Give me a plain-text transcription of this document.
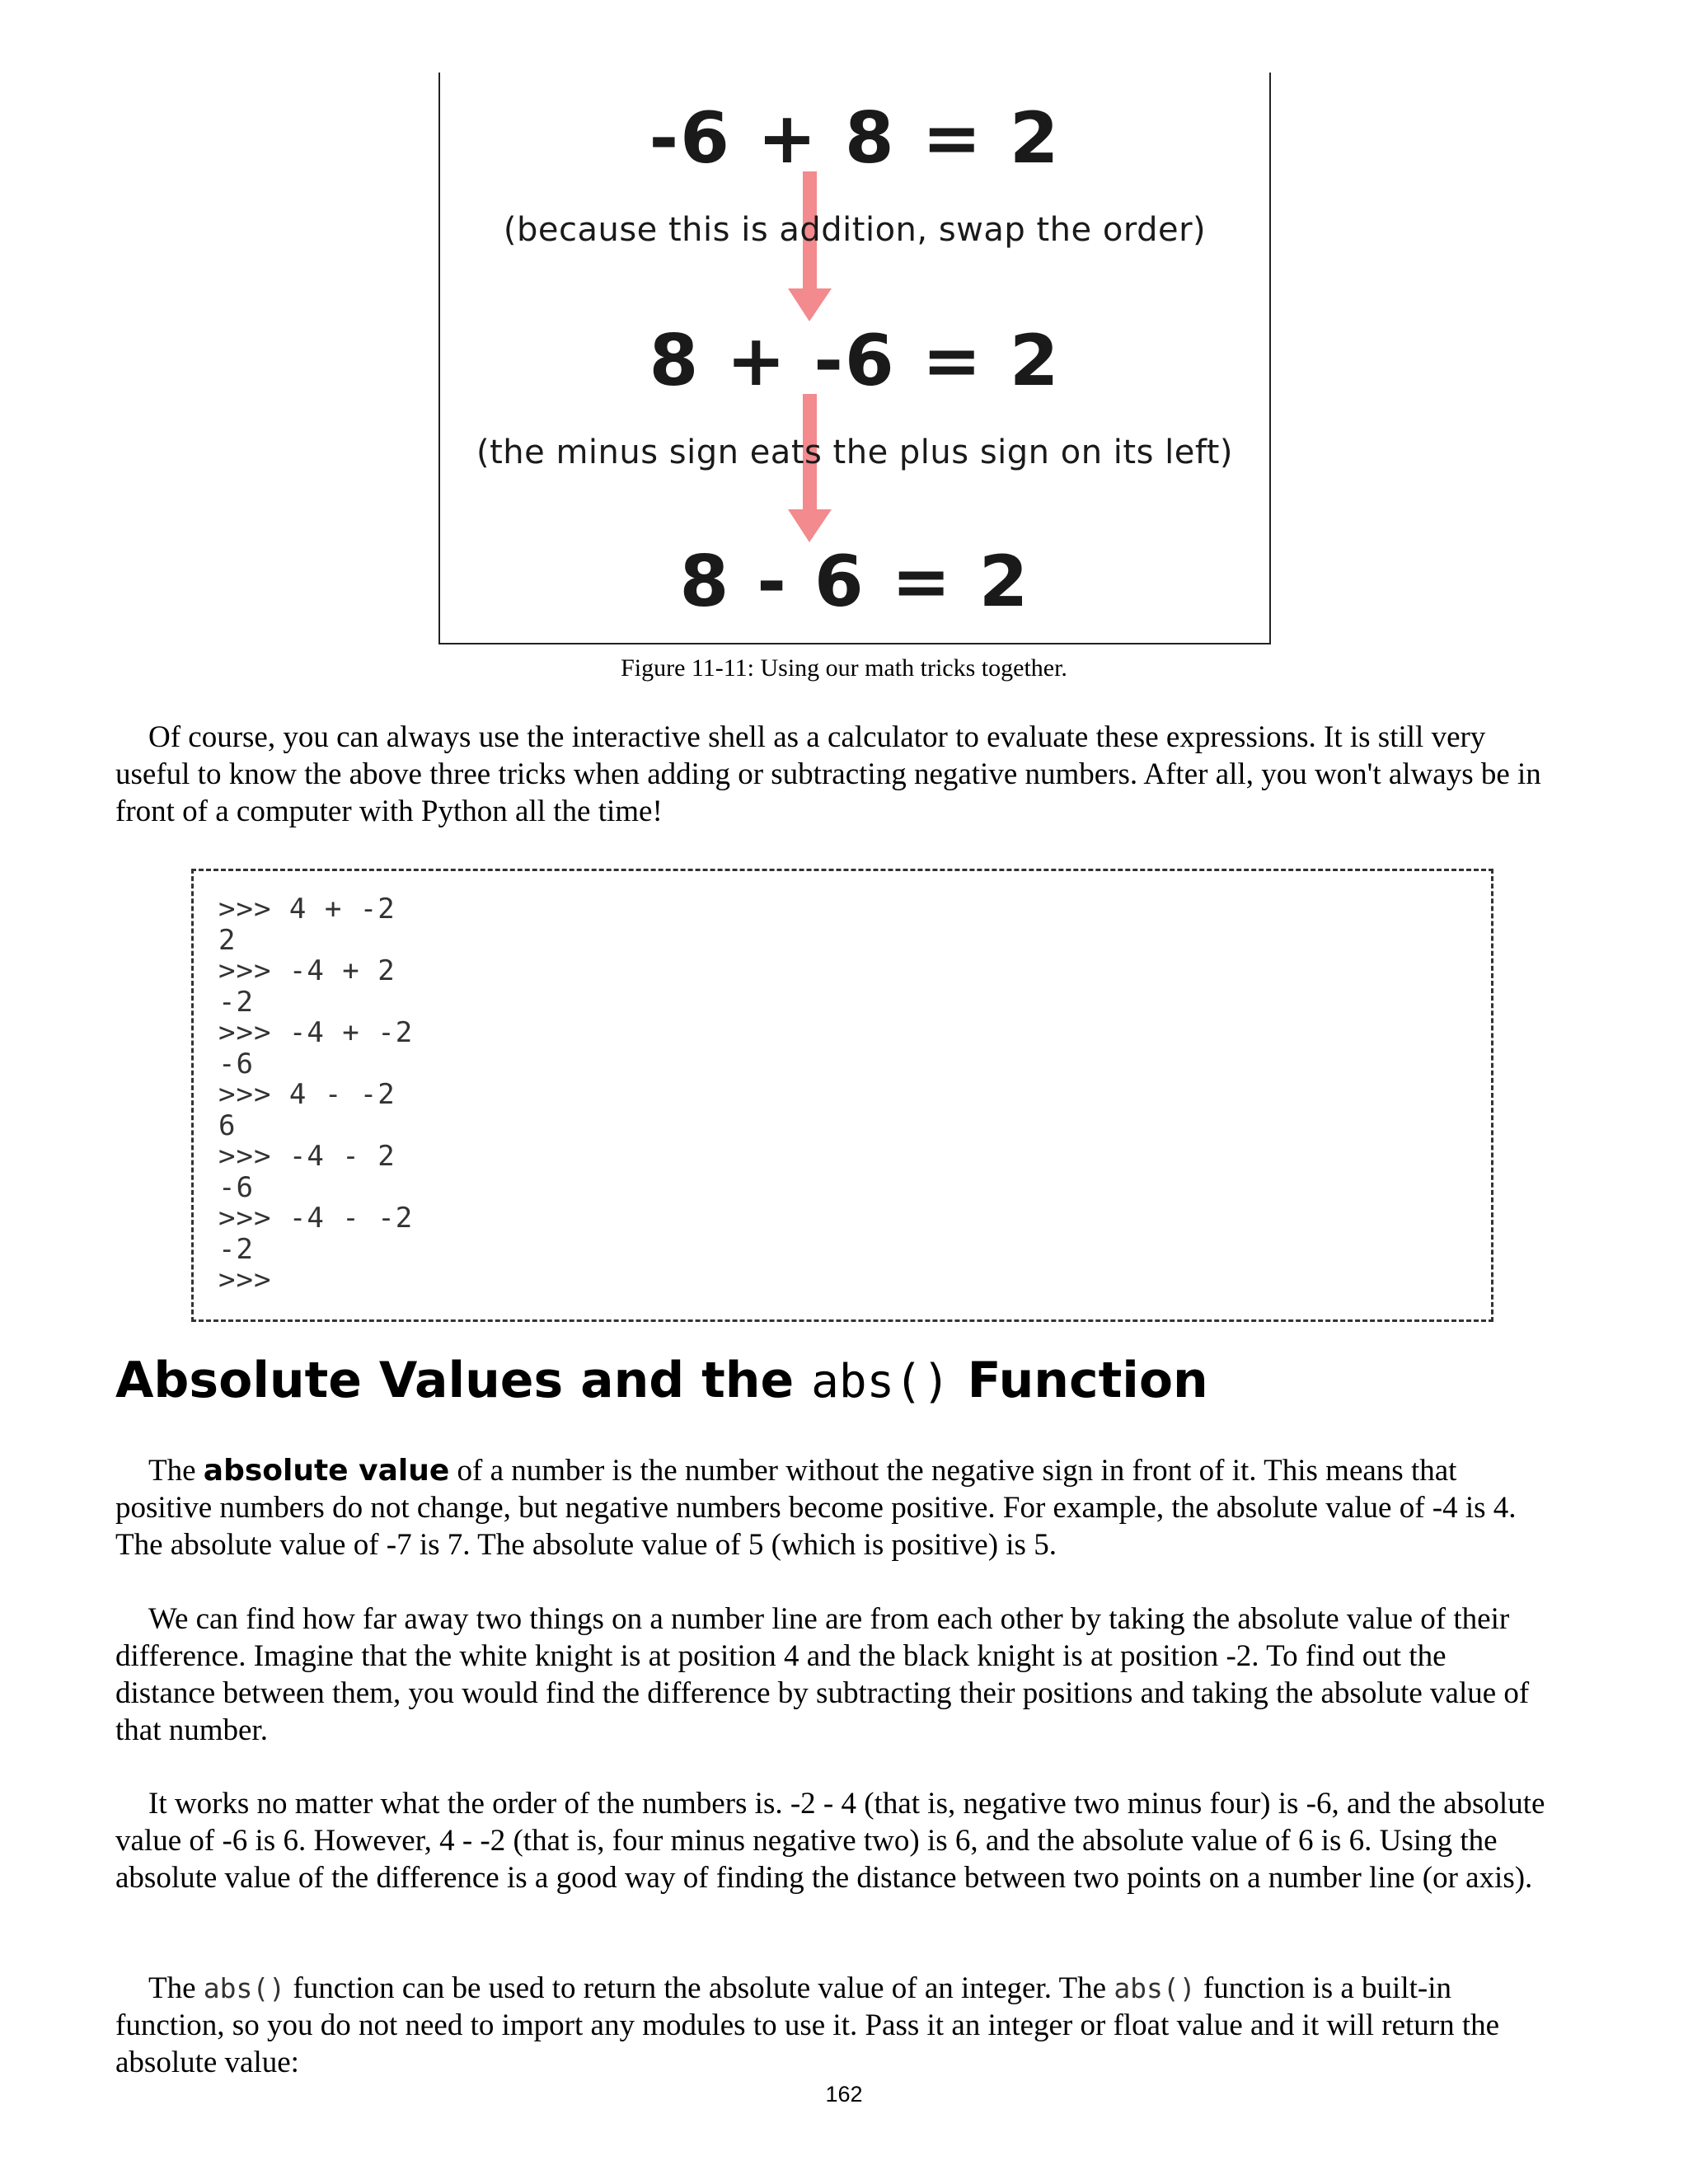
-6 + 8 = 2
(because this is addition, swap the order)
8 + -6 = 2
(the minus sign eats the plus sign on its left)
8 - 6 = 2
Figure 11-11: Using our math tricks together.

Of course, you can always use the interactive shell as a calculator to evaluate these expressions. It is still very useful to know the above three tricks when adding or subtracting negative numbers. After all, you won't always be in front of a computer with Python all the time!

>>> 4 + -2
2
>>> -4 + 2
-2
>>> -4 + -2
-6
>>> 4 - -2
6
>>> -4 - 2
-6
>>> -4 - -2
-2
>>>
Absolute Values and the abs() Function

The absolute value of a number is the number without the negative sign in front of it. This means that positive numbers do not change, but negative numbers become positive. For example, the absolute value of -4 is 4. The absolute value of -7 is 7. The absolute value of 5 (which is positive) is 5.

We can find how far away two things on a number line are from each other by taking the absolute value of their difference. Imagine that the white knight is at position 4 and the black knight is at position -2. To find out the distance between them, you would find the difference by subtracting their positions and taking the absolute value of that number.

It works no matter what the order of the numbers is. -2 - 4 (that is, negative two minus four) is -6, and the absolute value of -6 is 6. However, 4 - -2 (that is, four minus negative two) is 6, and the absolute value of 6 is 6. Using the absolute value of the difference is a good way of finding the distance between two points on a number line (or axis).

The abs() function can be used to return the absolute value of an integer. The abs() function is a built-in function, so you do not need to import any modules to use it. Pass it an integer or float value and it will return the absolute value:

162
